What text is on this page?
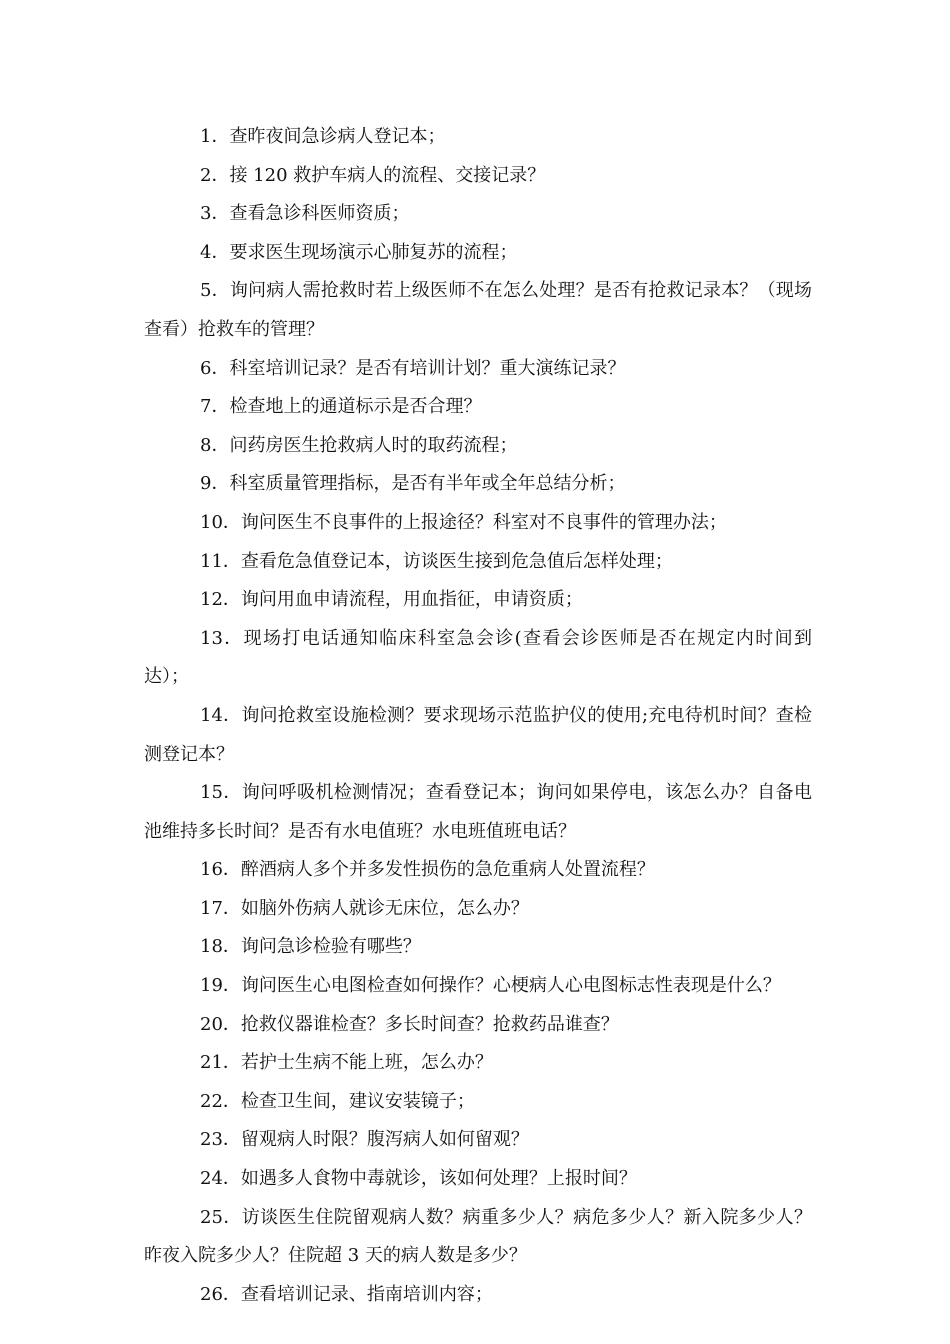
1．查昨夜间急诊病人登记本；

2．接 120 救护车病人的流程、交接记录？

3．查看急诊科医师资质；

4．要求医生现场演示心肺复苏的流程；

5．询问病人需抢救时若上级医师不在怎么处理？是否有抢救记录本？（现场查看）抢救车的管理？

6．科室培训记录？是否有培训计划？重大演练记录？

7．检查地上的通道标示是否合理？

8．问药房医生抢救病人时的取药流程；

9．科室质量管理指标，是否有半年或全年总结分析；

10．询问医生不良事件的上报途径？科室对不良事件的管理办法；

11．查看危急值登记本，访谈医生接到危急值后怎样处理；

12．询问用血申请流程，用血指征，申请资质；

13．现场打电话通知临床科室急会诊(查看会诊医师是否在规定内时间到达）；

14．询问抢救室设施检测？要求现场示范监护仪的使用;充电待机时间？查检测登记本？

15．询问呼吸机检测情况；查看登记本；询问如果停电，该怎么办？自备电池维持多长时间？是否有水电值班？水电班值班电话？

16．醉酒病人多个并多发性损伤的急危重病人处置流程？

17．如脑外伤病人就诊无床位，怎么办？

18．询问急诊检验有哪些？

19．询问医生心电图检查如何操作？心梗病人心电图标志性表现是什么？

20．抢救仪器谁检查？多长时间查？抢救药品谁查？

21．若护士生病不能上班，怎么办？

22．检查卫生间，建议安装镜子；

23．留观病人时限？腹泻病人如何留观？

24．如遇多人食物中毒就诊，该如何处理？上报时间？

25．访谈医生住院留观病人数？病重多少人？病危多少人？新入院多少人？昨夜入院多少人？住院超 3 天的病人数是多少？

26．查看培训记录、指南培训内容；
